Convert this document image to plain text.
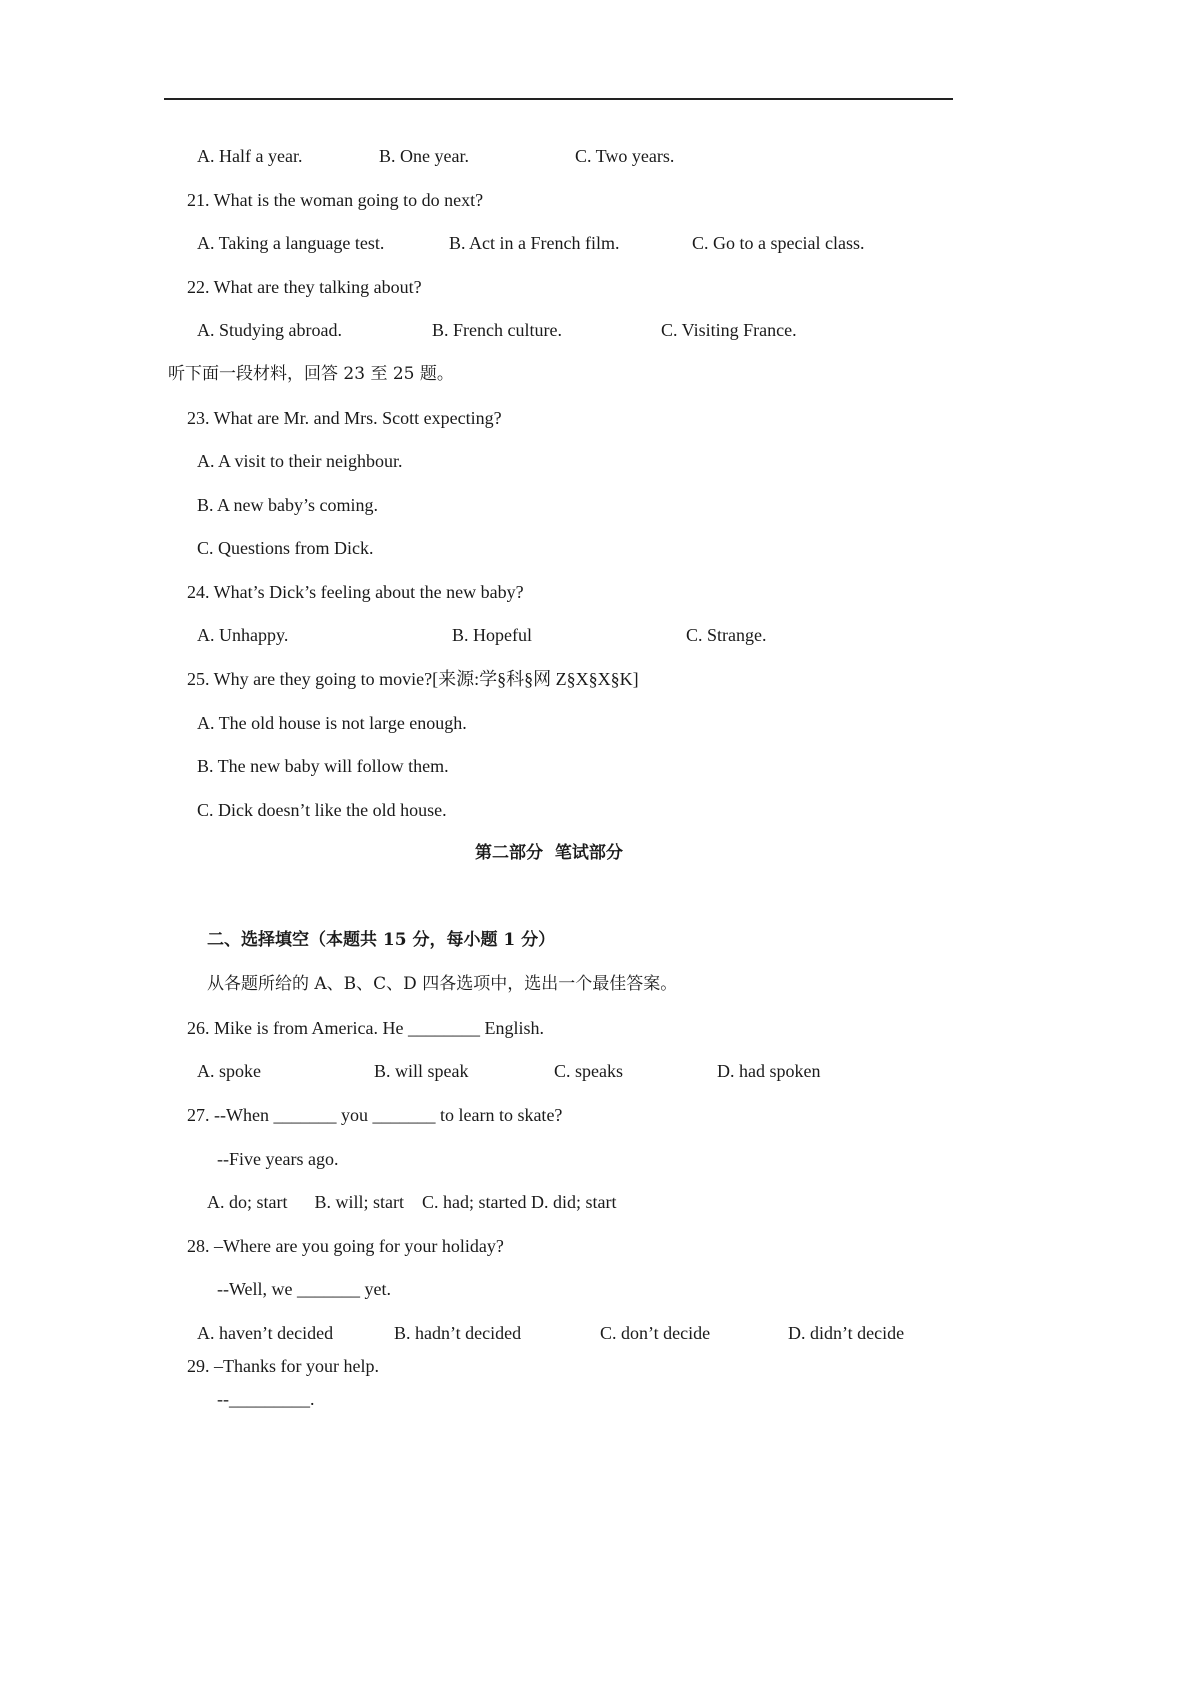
A. Half a year.	B. One year.	C. Two years.
21. What is the woman going to do next?
A. Taking a language test.	B. Act in a French film.	C. Go to a special class.
22. What are they talking about?
A. Studying abroad.	B. French culture.	C. Visiting France.
听下面一段材料，回答 23 至 25 题。
23. What are Mr. and Mrs. Scott expecting?
A. A visit to their neighbour.
B. A new baby’s coming.
C. Questions from Dick.
24. What’s Dick’s feeling about the new baby?
A. Unhappy.	B. Hopeful	C. Strange.
25. Why are they going to movie?[来源:学§科§网 Z§X§X§K]
A. The old house is not large enough.
B. The new baby will follow them.
C. Dick doesn’t like the old house.
第二部分  笔试部分
二、选择填空（本题共 15 分，每小题 1 分）
从各题所给的 A、B、C、D 四各选项中，选出一个最佳答案。
26. Mike is from America. He ________ English.
A. spoke	B. will speak	C. speaks	D. had spoken
27. --When _______ you _______ to learn to skate?
--Five years ago.
A. do; start      B. will; start    C. had; started D. did; start
28. –Where are you going for your holiday?
--Well, we _______ yet.
A. haven’t decided	B. hadn’t decided	C. don’t decide	D. didn’t decide
29. –Thanks for your help.
--_________.
